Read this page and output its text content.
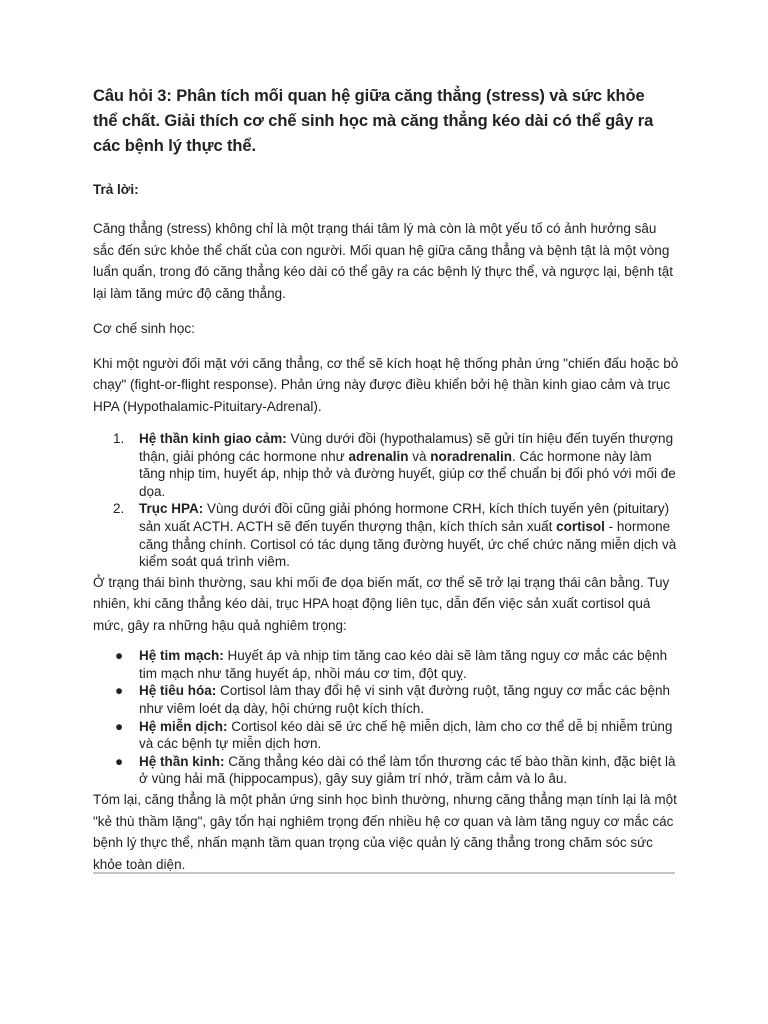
Câu hỏi 3: Phân tích mối quan hệ giữa căng thẳng (stress) và sức khỏe
thể chất. Giải thích cơ chế sinh học mà căng thẳng kéo dài có thể gây ra
các bệnh lý thực thể.

Trả lời:

Căng thẳng (stress) không chỉ là một trạng thái tâm lý mà còn là một yếu tố có ảnh hưởng sâu sắc đến sức khỏe thể chất của con người. Mối quan hệ giữa căng thẳng và bệnh tật là một vòng luẩn quẩn, trong đó căng thẳng kéo dài có thể gây ra các bệnh lý thực thể, và ngược lại, bệnh tật lại làm tăng mức độ căng thẳng.

Cơ chế sinh học:

Khi một người đối mặt với căng thẳng, cơ thể sẽ kích hoạt hệ thống phản ứng "chiến đấu hoặc bỏ chạy" (fight-or-flight response). Phản ứng này được điều khiển bởi hệ thần kinh giao cảm và trục HPA (Hypothalamic-Pituitary-Adrenal).

1. Hệ thần kinh giao cảm: Vùng dưới đồi (hypothalamus) sẽ gửi tín hiệu đến tuyến thượng thận, giải phóng các hormone như adrenalin và noradrenalin. Các hormone này làm tăng nhịp tim, huyết áp, nhịp thở và đường huyết, giúp cơ thể chuẩn bị đối phó với mối đe dọa.
2. Trục HPA: Vùng dưới đồi cũng giải phóng hormone CRH, kích thích tuyến yên (pituitary) sản xuất ACTH. ACTH sẽ đến tuyến thượng thận, kích thích sản xuất cortisol - hormone căng thẳng chính. Cortisol có tác dụng tăng đường huyết, ức chế chức năng miễn dịch và kiểm soát quá trình viêm.

Ở trạng thái bình thường, sau khi mối đe dọa biến mất, cơ thể sẽ trở lại trạng thái cân bằng. Tuy nhiên, khi căng thẳng kéo dài, trục HPA hoạt động liên tục, dẫn đến việc sản xuất cortisol quá mức, gây ra những hậu quả nghiêm trọng:

● Hệ tim mạch: Huyết áp và nhịp tim tăng cao kéo dài sẽ làm tăng nguy cơ mắc các bệnh tim mạch như tăng huyết áp, nhồi máu cơ tim, đột quỵ.
● Hệ tiêu hóa: Cortisol làm thay đổi hệ vi sinh vật đường ruột, tăng nguy cơ mắc các bệnh như viêm loét dạ dày, hội chứng ruột kích thích.
● Hệ miễn dịch: Cortisol kéo dài sẽ ức chế hệ miễn dịch, làm cho cơ thể dễ bị nhiễm trùng và các bệnh tự miễn dịch hơn.
● Hệ thần kinh: Căng thẳng kéo dài có thể làm tổn thương các tế bào thần kinh, đặc biệt là ở vùng hải mã (hippocampus), gây suy giảm trí nhớ, trầm cảm và lo âu.

Tóm lại, căng thẳng là một phản ứng sinh học bình thường, nhưng căng thẳng mạn tính lại là một "kẻ thù thầm lặng", gây tổn hại nghiêm trọng đến nhiều hệ cơ quan và làm tăng nguy cơ mắc các bệnh lý thực thể, nhấn mạnh tầm quan trọng của việc quản lý căng thẳng trong chăm sóc sức khỏe toàn diện.
